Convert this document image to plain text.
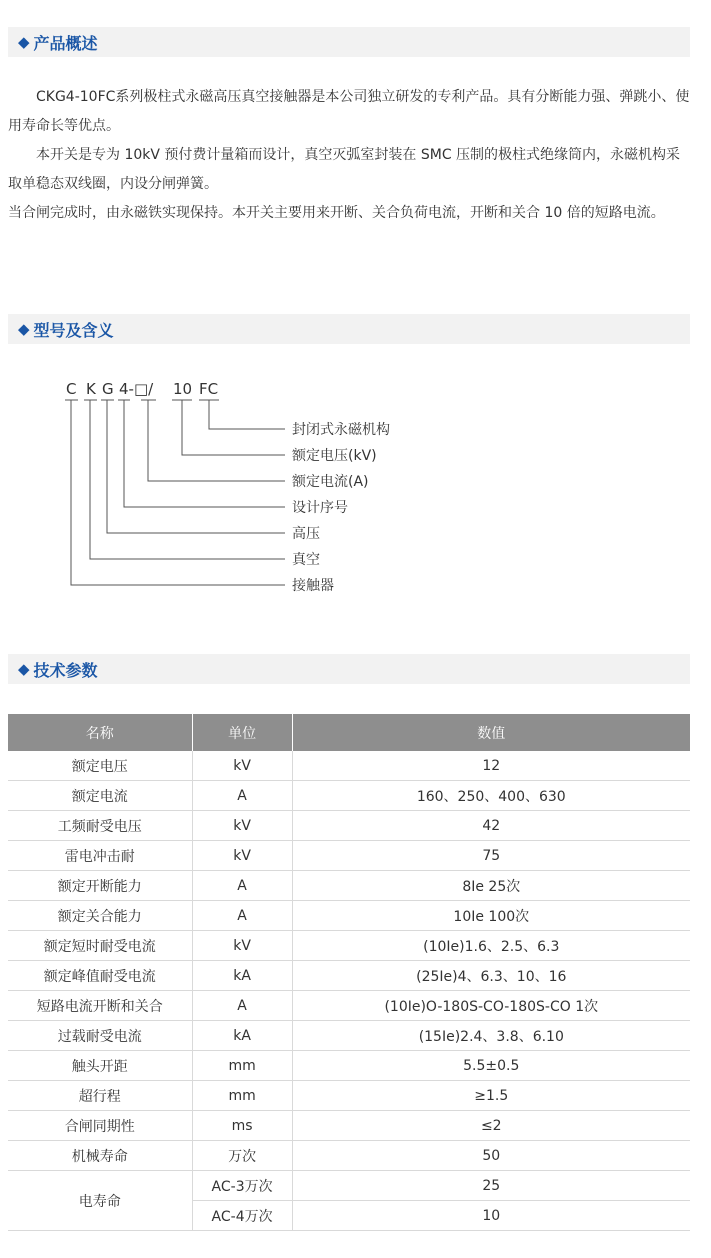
◆ 产品概述

CKG4-10FC系列极柱式永磁高压真空接触器是本公司独立研发的专利产品。具有分断能力强、弹跳小、使用寿命长等优点。

本开关是专为 10kV 预付费计量箱而设计，真空灭弧室封装在 SMC 压制的极柱式绝缘筒内，永磁机构采取单稳态双线圈，内设分闸弹簧。

当合闸完成时，由永磁铁实现保持。本开关主要用来开断、关合负荷电流，开断和关合 10 倍的短路电流。

◆ 型号及含义
C K G 4-□/ 10 FC
封闭式永磁机构
额定电压(kV)
额定电流(A)
设计序号
高压
真空
接触器
◆ 技术参数
名称	单位	数值
额定电压	kV	12
额定电流	A	160、250、400、630
工频耐受电压	kV	42
雷电冲击耐	kV	75
额定开断能力	A	8Ie 25次
额定关合能力	A	10Ie 100次
额定短时耐受电流	kV	(10Ie)1.6、2.5、6.3
额定峰值耐受电流	kA	(25Ie)4、6.3、10、16
短路电流开断和关合	A	(10Ie)O-180S-CO-180S-CO 1次
过载耐受电流	kA	(15Ie)2.4、3.8、6.10
触头开距	mm	5.5±0.5
超行程	mm	≥1.5
合闸同期性	ms	≤2
机械寿命	万次	50
电寿命	AC-3万次	25
	AC-4万次	10
